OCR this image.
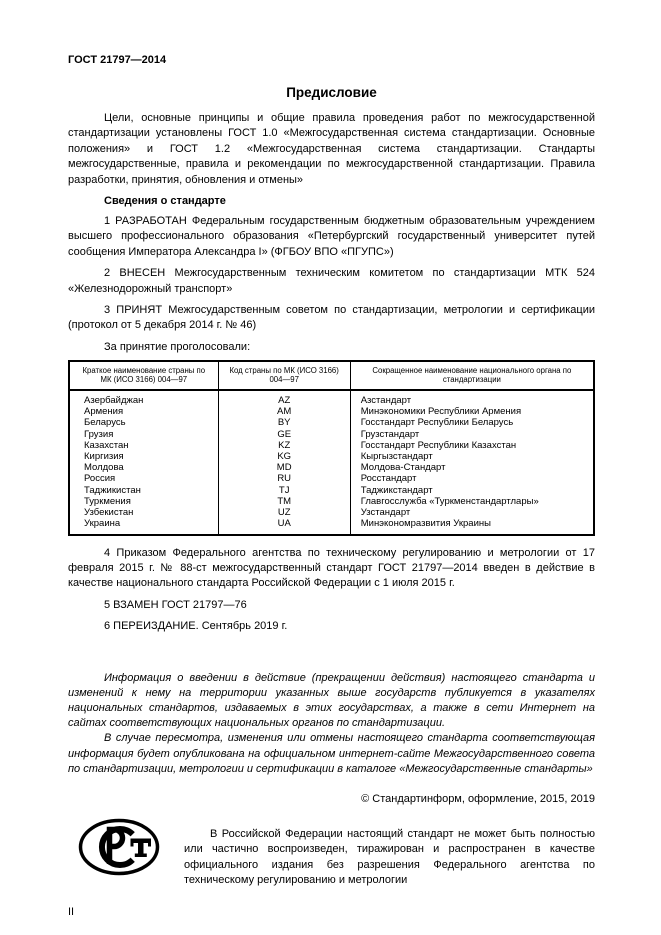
ГОСТ 21797—2014
Предисловие

Цели, основные принципы и общие правила проведения работ по межгосударственной стандартизации установлены ГОСТ 1.0 «Межгосударственная система стандартизации. Основные положения» и ГОСТ 1.2 «Межгосударственная система стандартизации. Стандарты межгосударственные, правила и рекомендации по межгосударственной стандартизации. Правила разработки, принятия, обновления и отмены»

Сведения о стандарте

1 РАЗРАБОТАН Федеральным государственным бюджетным образовательным учреждением высшего профессионального образования «Петербургский государственный университет путей сообщения Императора Александра I» (ФГБОУ ВПО «ПГУПС»)

2 ВНЕСЕН Межгосударственным техническим комитетом по стандартизации МТК 524 «Железнодорожный транспорт»

3 ПРИНЯТ Межгосударственным советом по стандартизации, метрологии и сертификации (протокол от 5 декабря 2014 г. № 46)

За принятие проголосовали:

Краткое наименование страны по МК (ИСО 3166) 004—97	Код страны по МК (ИСО 3166) 004—97	Сокращенное наименование национального органа по стандартизации
Азербайджан	AZ	Азстандарт
Армения	AM	Минэкономики Республики Армения
Беларусь	BY	Госстандарт Республики Беларусь
Грузия	GE	Грузстандарт
Казахстан	KZ	Госстандарт Республики Казахстан
Киргизия	KG	Кыргызстандарт
Молдова	MD	Молдова-Стандарт
Россия	RU	Росстандарт
Таджикистан	TJ	Таджикстандарт
Туркмения	TM	Главгосслужба «Туркменстандартлары»
Узбекистан	UZ	Узстандарт
Украина	UA	Минэкономразвития Украины

4 Приказом Федерального агентства по техническому регулированию и метрологии от 17 февраля 2015 г. № 88-ст межгосударственный стандарт ГОСТ 21797—2014 введен в действие в качестве национального стандарта Российской Федерации с 1 июля 2015 г.

5 ВЗАМЕН ГОСТ 21797—76

6 ПЕРЕИЗДАНИЕ. Сентябрь 2019 г.

Информация о введении в действие (прекращении действия) настоящего стандарта и изменений к нему на территории указанных выше государств публикуется в указателях национальных стандартов, издаваемых в этих государствах, а также в сети Интернет на сайтах соответствующих национальных органов по стандартизации.

В случае пересмотра, изменения или отмены настоящего стандарта соответствующая информация будет опубликована на официальном интернет-сайте Межгосударственного совета по стандартизации, метрологии и сертификации в каталоге «Межгосударственные стандарты»

© Стандартинформ, оформление, 2015, 2019

В Российской Федерации настоящий стандарт не может быть полностью или частично воспроизведен, тиражирован и распространен в качестве официального издания без разрешения Федерального агентства по техническому регулированию и метрологии

II
